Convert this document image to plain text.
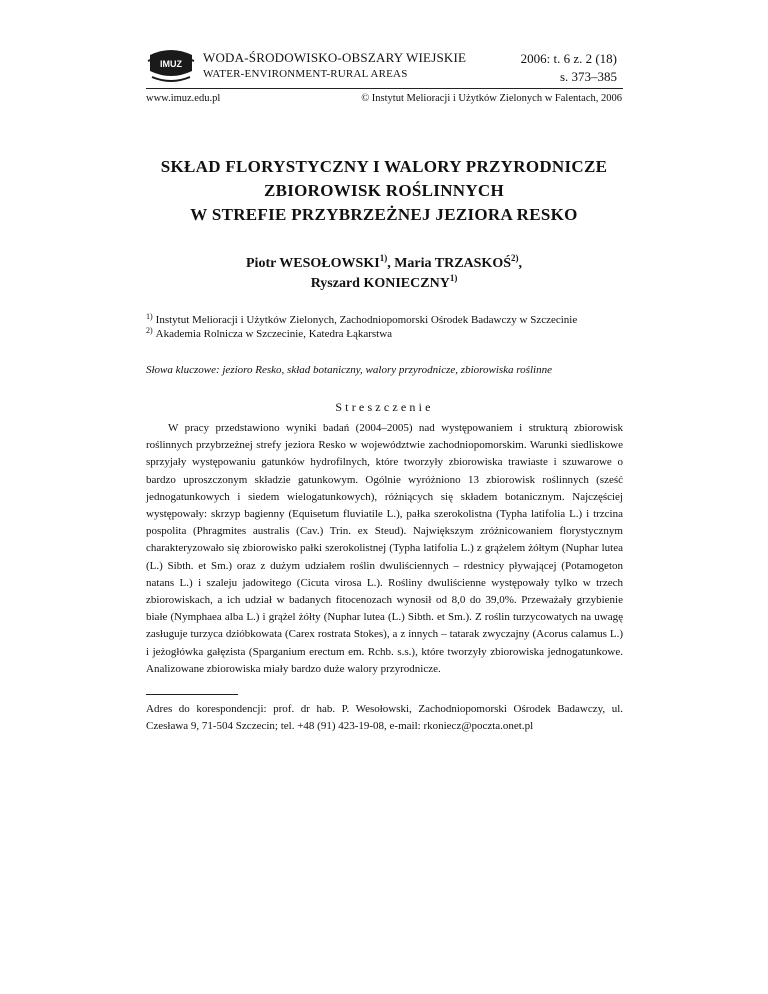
IMUZ WODA-ŚRODOWISKO-OBSZARY WIEJSKIE
WATER-ENVIRONMENT-RURAL AREAS
2006: t. 6 z. 2 (18)
s. 373–385
www.imuz.edu.pl	© Instytut Melioracji i Użytków Zielonych w Falentach, 2006
SKŁAD FLORYSTYCZNY I WALORY PRZYRODNICZE
ZBIOROWISK ROŚLINNYCH
W STREFIE PRZYBRZEŻNEJ JEZIORA RESKO
Piotr WESOŁOWSKI$^{1)}$, Maria TRZASKOŚ$^{2)}$,
Ryszard KONIECZNY$^{1)}$
$^{1)}$ Instytut Melioracji i Użytków Zielonych, Zachodniopomorski Ośrodek Badawczy w Szczecinie
$^{2)}$ Akademia Rolnicza w Szczecinie, Katedra Łąkarstwa
Słowa kluczowe: jezioro Resko, skład botaniczny, walory przyrodnicze, zbiorowiska roślinne
Streszczenie

W pracy przedstawiono wyniki badań (2004–2005) nad występowaniem i strukturą zbiorowisk roślinnych przybrzeżnej strefy jeziora Resko w województwie zachodniopomorskim. Warunki siedliskowe sprzyjały występowaniu gatunków hydrofilnych, które tworzyły zbiorowiska trawiaste i szuwarowe o bardzo uproszczonym składzie gatunkowym. Ogólnie wyróżniono 13 zbiorowisk roślinnych (sześć jednogatunkowych i siedem wielogatunkowych), różniących się składem botanicznym. Najczęściej występowały: skrzyp bagienny (Equisetum fluviatile L.), pałka szerokolistna (Typha latifolia L.) i trzcina pospolita (Phragmites australis (Cav.) Trin. ex Steud). Największym zróżnicowaniem florystycznym charakteryzowało się zbiorowisko pałki szerokolistnej (Typha latifolia L.) z grążelem żółtym (Nuphar lutea (L.) Sibth. et Sm.) oraz z dużym udziałem roślin dwuliściennych – rdestnicy pływającej (Potamogeton natans L.) i szaleju jadowitego (Cicuta virosa L.). Rośliny dwuliścienne występowały tylko w trzech zbiorowiskach, a ich udział w badanych fitocenozach wynosił od 8,0 do 39,0%. Przeważały grzybienie białe (Nymphaea alba L.) i grążel żółty (Nuphar lutea (L.) Sibth. et Sm.). Z roślin turzycowatych na uwagę zasługuje turzyca dzióbkowata (Carex rostrata Stokes), a z innych – tatarak zwyczajny (Acorus calamus L.) i jeżogłówka gałęzista (Sparganium erectum em. Rchb. s.s.), które tworzyły zbiorowiska jednogatunkowe. Analizowane zbiorowiska miały bardzo duże walory przyrodnicze.

Adres do korespondencji: prof. dr hab. P. Wesołowski, Zachodniopomorski Ośrodek Badawczy, ul. Czesława 9, 71-504 Szczecin; tel. +48 (91) 423-19-08, e-mail: rkoniecz@poczta.onet.pl
